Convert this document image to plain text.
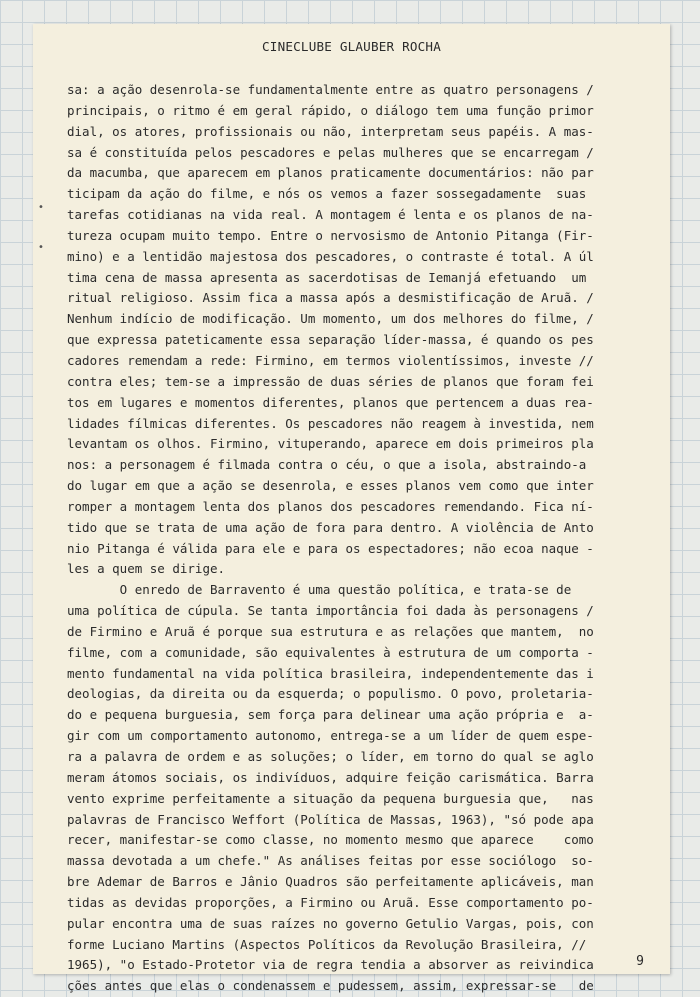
•
•
CINECLUBE GLAUBER ROCHA
sa: a ação desenrola-se fundamentalmente entre as quatro personagens /
principais, o ritmo é em geral rápido, o diálogo tem uma função primor
dial, os atores, profissionais ou não, interpretam seus papéis. A mas-
sa é constituída pelos pescadores e pelas mulheres que se encarregam /
da macumba, que aparecem em planos praticamente documentários: não par
ticipam da ação do filme, e nós os vemos a fazer sossegadamente  suas
tarefas cotidianas na vida real. A montagem é lenta e os planos de na-
tureza ocupam muito tempo. Entre o nervosismo de Antonio Pitanga (Fir-
mino) e a lentidão majestosa dos pescadores, o contraste é total. A úl
tima cena de massa apresenta as sacerdotisas de Iemanjá efetuando  um
ritual religioso. Assim fica a massa após a desmistificação de Aruã. /
Nenhum indício de modificação. Um momento, um dos melhores do filme, /
que expressa pateticamente essa separação líder-massa, é quando os pes
cadores remendam a rede: Firmino, em termos violentíssimos, investe //
contra eles; tem-se a impressão de duas séries de planos que foram fei
tos em lugares e momentos diferentes, planos que pertencem a duas rea-
lidades fílmicas diferentes. Os pescadores não reagem à investida, nem
levantam os olhos. Firmino, vituperando, aparece em dois primeiros pla
nos: a personagem é filmada contra o céu, o que a isola, abstraindo-a
do lugar em que a ação se desenrola, e esses planos vem como que inter
romper a montagem lenta dos planos dos pescadores remendando. Fica ní-
tido que se trata de uma ação de fora para dentro. A violência de Anto
nio Pitanga é válida para ele e para os espectadores; não ecoa naque -
les a quem se dirige.
O enredo de Barravento é uma questão política, e trata-se de
uma política de cúpula. Se tanta importância foi dada às personagens /
de Firmino e Aruã é porque sua estrutura e as relações que mantem,  no
filme, com a comunidade, são equivalentes à estrutura de um comporta -
mento fundamental na vida política brasileira, independentemente das i
deologias, da direita ou da esquerda; o populismo. O povo, proletaria-
do e pequena burguesia, sem força para delinear uma ação própria e  a-
gir com um comportamento autonomo, entrega-se a um líder de quem espe-
ra a palavra de ordem e as soluções; o líder, em torno do qual se aglo
meram átomos sociais, os indivíduos, adquire feição carismática. Barra
vento exprime perfeitamente a situação da pequena burguesia que,   nas
palavras de Francisco Weffort (Política de Massas, 1963), "só pode apa
recer, manifestar-se como classe, no momento mesmo que aparece    como
massa devotada a um chefe." As análises feitas por esse sociólogo  so-
bre Ademar de Barros e Jânio Quadros são perfeitamente aplicáveis, man
tidas as devidas proporções, a Firmino ou Aruã. Esse comportamento po-
pular encontra uma de suas raízes no governo Getulio Vargas, pois, con
forme Luciano Martins (Aspectos Políticos da Revolução Brasileira, //
1965), "o Estado-Protetor via de regra tendia a absorver as reivindica
ções antes que elas o condenassem e pudessem, assim, expressar-se   de
9
